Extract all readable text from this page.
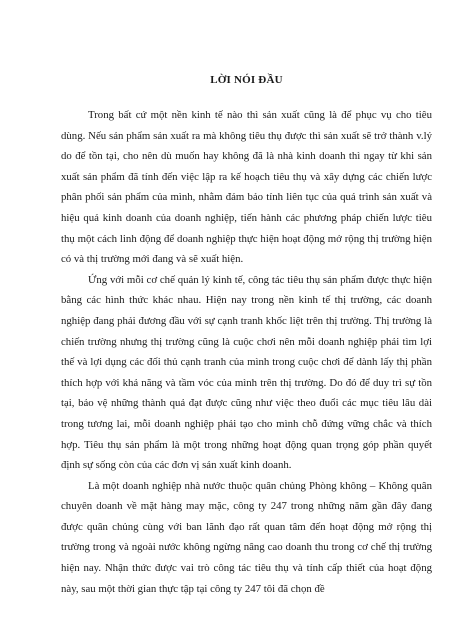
LỜI NÓI ĐẦU

Trong bất cứ một nền kinh tế nào thì sản xuất cũng là để phục vụ cho tiêu dùng. Nếu sản phẩm sản xuất ra mà không tiêu thụ được thì sản xuất sẽ trở thành v.lý do để tồn tại, cho nên dù muốn hay không đã là nhà kinh doanh thì ngay từ khi sản xuất sản phẩm đã tính đến việc lập ra kế hoạch tiêu thụ và xây dựng các chiến lược phân phối sản phẩm của mình, nhằm đảm bảo tính liên tục của quá trình sản xuất và hiệu quả kinh doanh của doanh nghiệp, tiến hành các phương pháp chiến lược tiêu thụ một cách linh động để doanh nghiệp thực hiện hoạt động mở rộng thị trường hiện có và thị trường mới đang và sẽ xuất hiện.

Ứng với mỗi cơ chế quản lý kinh tế, công tác tiêu thụ sản phẩm được thực hiện bằng các hình thức khác nhau. Hiện nay trong nền kinh tế thị trường, các doanh nghiệp đang phải đương đầu với sự cạnh tranh khốc liệt trên thị trường. Thị trường là chiến trường nhưng thị trường cũng là cuộc chơi nên mỗi doanh nghiệp phải tìm lợi thế và lợi dụng các đối thủ cạnh tranh của mình trong cuộc chơi để dành lấy thị phần thích hợp với khả năng và tầm vóc của mình trên thị trường. Do đó để duy trì sự tồn tại, bảo vệ những thành quả đạt được cũng như việc theo đuổi các mục tiêu lâu dài trong tương lai, mỗi doanh nghiệp phải tạo cho mình chỗ đứng vững chắc và thích hợp. Tiêu thụ sản phẩm là một trong những hoạt động quan trọng góp phần quyết định sự sống còn của các đơn vị sản xuất kinh doanh.

Là một doanh nghiệp nhà nước thuộc quân chủng Phòng không – Không quân chuyên doanh về mặt hàng may mặc, công ty 247 trong những năm gần đây đang được quân chủng cùng với ban lãnh đạo rất quan tâm đến hoạt động mở rộng thị trường trong và ngoài nước không ngừng nâng cao doanh thu trong cơ chế thị trường hiện nay. Nhận thức được vai trò công tác tiêu thụ và tính cấp thiết của hoạt động này, sau một thời gian thực tập tại công ty 247 tôi đã chọn đề
